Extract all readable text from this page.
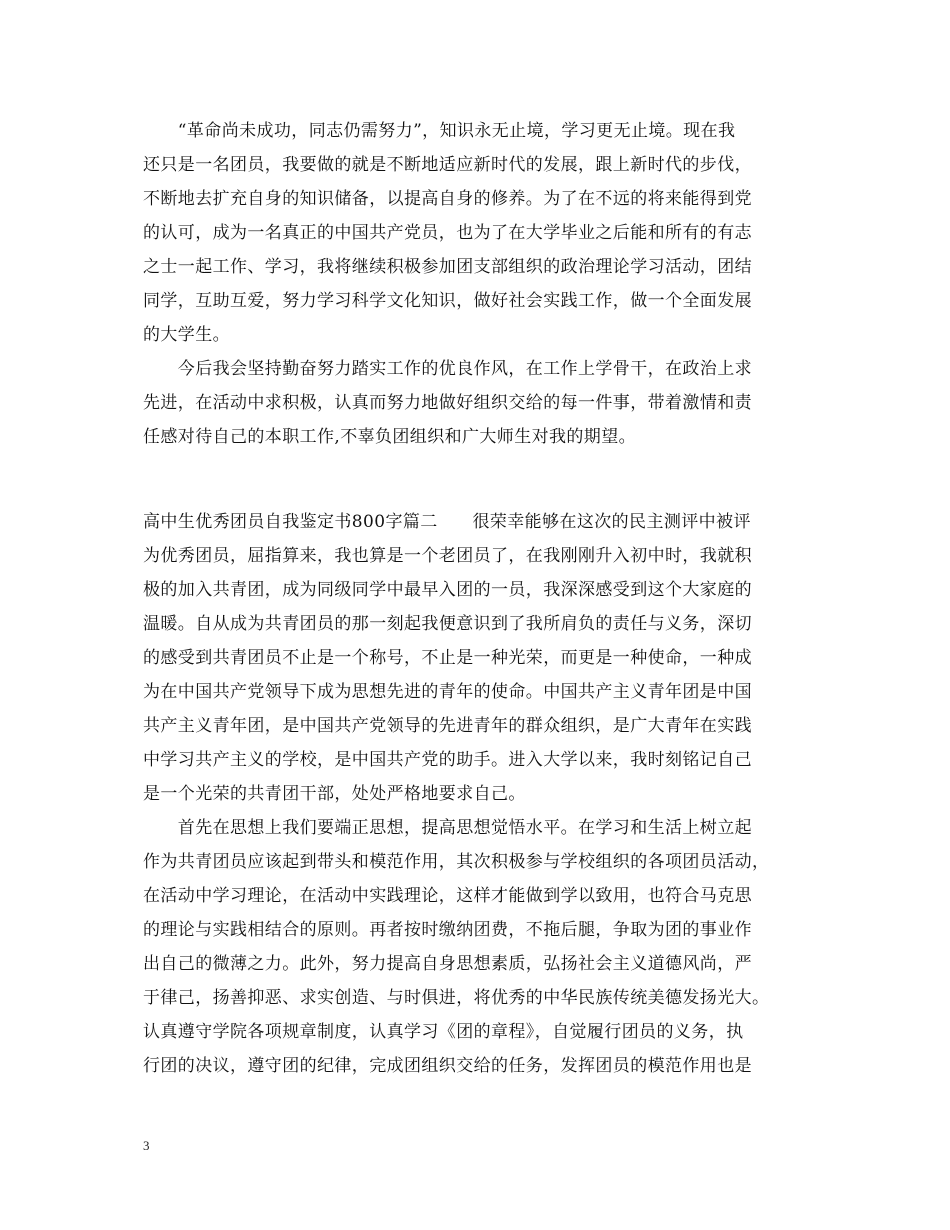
　　“革命尚未成功，同志仍需努力”，知识永无止境，学习更无止境。现在我
还只是一名团员，我要做的就是不断地适应新时代的发展，跟上新时代的步伐，
不断地去扩充自身的知识储备，以提高自身的修养。为了在不远的将来能得到党
的认可，成为一名真正的中国共产党员，也为了在大学毕业之后能和所有的有志
之士一起工作、学习，我将继续积极参加团支部组织的政治理论学习活动，团结
同学，互助互爱，努力学习科学文化知识，做好社会实践工作，做一个全面发展
的大学生。
　　今后我会坚持勤奋努力踏实工作的优良作风，在工作上学骨干，在政治上求
先进，在活动中求积极，认真而努力地做好组织交给的每一件事，带着激情和责
任感对待自己的本职工作,不辜负团组织和广大师生对我的期望。
高中生优秀团员自我鉴定书800字篇二　　很荣幸能够在这次的民主测评中被评
为优秀团员，屈指算来，我也算是一个老团员了，在我刚刚升入初中时，我就积
极的加入共青团，成为同级同学中最早入团的一员，我深深感受到这个大家庭的
温暖。自从成为共青团员的那一刻起我便意识到了我所肩负的责任与义务，深切
的感受到共青团员不止是一个称号，不止是一种光荣，而更是一种使命，一种成
为在中国共产党领导下成为思想先进的青年的使命。中国共产主义青年团是中国
共产主义青年团，是中国共产党领导的先进青年的群众组织，是广大青年在实践
中学习共产主义的学校，是中国共产党的助手。进入大学以来，我时刻铭记自己
是一个光荣的共青团干部，处处严格地要求自己。
　　首先在思想上我们要端正思想，提高思想觉悟水平。在学习和生活上树立起
作为共青团员应该起到带头和模范作用，其次积极参与学校组织的各项团员活动，
在活动中学习理论，在活动中实践理论，这样才能做到学以致用，也符合马克思
的理论与实践相结合的原则。再者按时缴纳团费，不拖后腿，争取为团的事业作
出自己的微薄之力。此外，努力提高自身思想素质，弘扬社会主义道德风尚，严
于律己，扬善抑恶、求实创造、与时俱进，将优秀的中华民族传统美德发扬光大。
认真遵守学院各项规章制度，认真学习《团的章程》，自觉履行团员的义务，执
行团的决议，遵守团的纪律，完成团组织交给的任务，发挥团员的模范作用也是
3
